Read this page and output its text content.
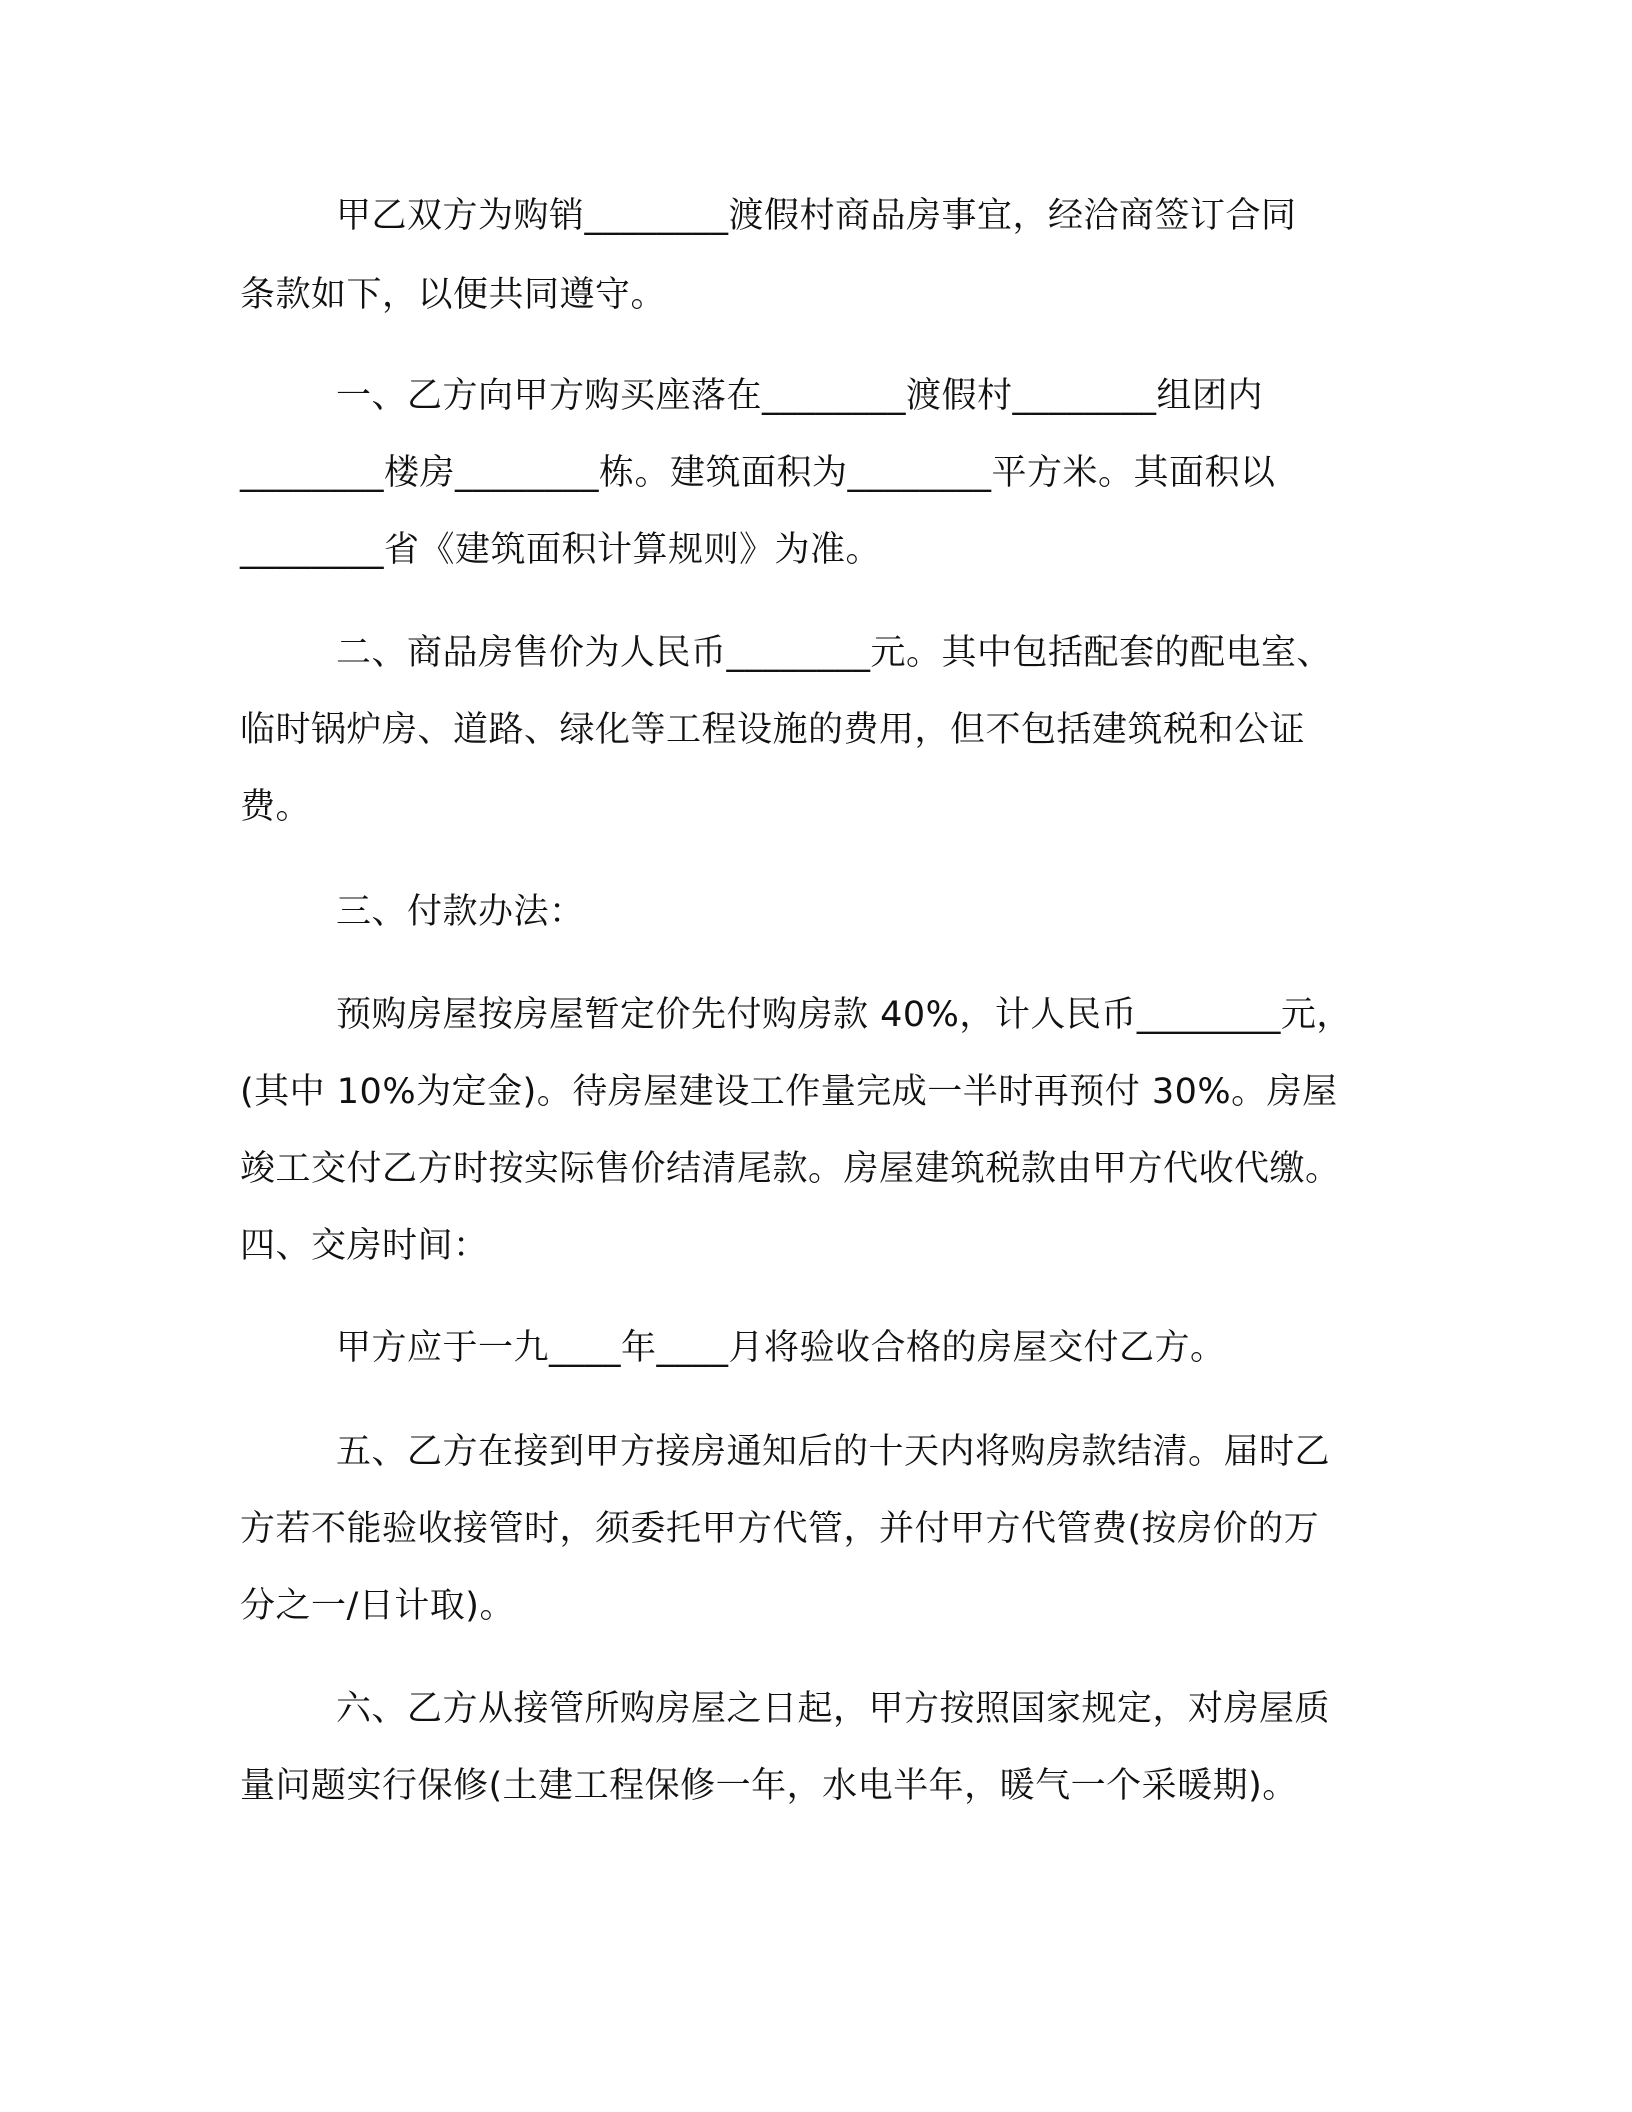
甲乙双方为购销________渡假村商品房事宜，经洽商签订合同
条款如下，以便共同遵守。
一、乙方向甲方购买座落在________渡假村________组团内
________楼房________栋。建筑面积为________平方米。其面积以
________省《建筑面积计算规则》为准。
二、商品房售价为人民币________元。其中包括配套的配电室、
临时锅炉房、道路、绿化等工程设施的费用，但不包括建筑税和公证
费。
三、付款办法：
预购房屋按房屋暂定价先付购房款 40%，计人民币________元，
(其中 10%为定金)。待房屋建设工作量完成一半时再预付 30%。房屋
竣工交付乙方时按实际售价结清尾款。房屋建筑税款由甲方代收代缴。
四、交房时间：
甲方应于一九____年____月将验收合格的房屋交付乙方。
五、乙方在接到甲方接房通知后的十天内将购房款结清。届时乙
方若不能验收接管时，须委托甲方代管，并付甲方代管费(按房价的万
分之一/日计取)。
六、乙方从接管所购房屋之日起，甲方按照国家规定，对房屋质
量问题实行保修(土建工程保修一年，水电半年，暖气一个采暖期)。
